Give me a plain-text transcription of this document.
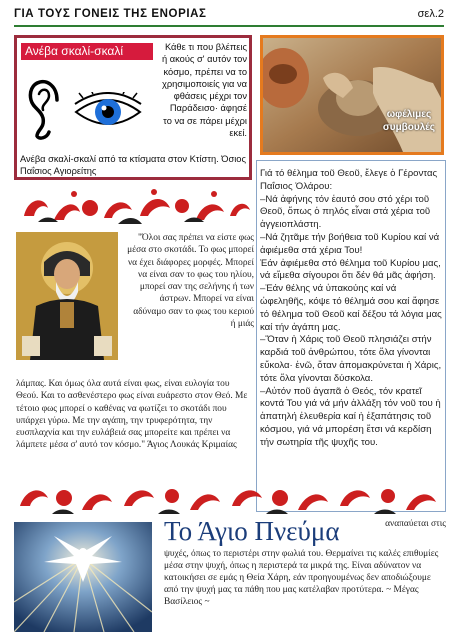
ΓΙΑ ΤΟΥΣ ΓΟΝΕΙΣ ΤΗΣ ΕΝΟΡΙΑΣ	σελ.2
Ανέβα σκαλί-σκαλί	Κάθε τι που βλέπεις ή ακούς σ' αυτόν τον κόσμο, πρέπει να το χρησιμοποιείς για να φθάσεις μέχρι τον Παράδεισο· άφησέ το να σε πάρει μέχρι εκεί.
Ανέβα σκαλί-σκαλί από τα κτίσματα στον Κτίστη. Όσιος Παΐσιος Αγιορείτης
ωφέλιμες
συμβουλές

Γιά τό θέλημα τοῦ Θεοῦ, ἔλεγε ὁ Γέροντας Παΐσιος Ὀλάρου:

–Νά ἀφήνης τόν ἑαυτό σου στό χέρι τοῦ Θεοῦ, ὅπως ὁ πηλός εἶναι στά χέρια τοῦ ἀγγειοπλάστη.

–Νά ζητᾶμε τήν βοήθεια τοῦ Κυρίου καί νά ἀφιέμεθα στά χέρια Του!

Ἐάν ἀφιέμεθα στό θέλημα τοῦ Κυρίου μας, νά εἴμεθα σίγουροι ὅτι δέν θά μᾶς ἀφήση.

–Ἐάν θέλης νά ὑπακούης καί νά ὠφεληθῆς, κόψε τό θέλημά σου καί ἄφησε τό θέλημα τοῦ Θεοῦ καί δέξου τά λόγια μας καί τήν ἀγάπη μας.

–Ὅταν ἡ Χάρις τοῦ Θεοῦ πλησιάζει στήν καρδιά τοῦ ἀνθρώπου, τότε ὅλα γίνονται εὔκολα· ἐνῶ, ὅταν ἀπομακρύνεται ἡ Χάρις, τότε ὅλα γίνονται δύσκολα.

–Αὐτόν ποῦ ἀγαπᾶ ὁ Θεός, τόν κρατεῖ κοντά Του γιά νά μήν ἀλλάξη τόν νοῦ του ἡ ἀπατηλή ἐλευθερία καί ἡ ἐξαπάτησις τοῦ κόσμου, γιά νά μπορέση ἔτσι νά κερδίση τήν σωτηρία τῆς ψυχῆς του.

"Όλοι σας πρέπει να είστε φως μέσα στο σκοτάδι. Το φως μπορεί να έχει διάφορες μορφές. Μπορεί να είναι σαν το φως του ηλίου, μπορεί σαν της σελήνης ή των άστρων. Μπορεί να είναι αδύναμο σαν το φως του κεριού ή μιάς
λάμπας. Και όμως όλα αυτά είναι φως, είναι ευλογία του Θεού. Και το ασθενέστερο φως είναι ευάρεστο στον Θεό. Με τέτοιο φως μπορεί ο καθένας να φωτίζει το σκοτάδι που υπάρχει γύρω. Με την αγάπη, την τρυφερότητα, την ευσπλαχνία και την ευλάβειά σας μπορείτε και πρέπει να λάμπετε μέσα σ' αυτό τον κόσμο." Άγιος Λουκάς Κριμαίας
Το Άγιο Πνεύμα	αναπαύεται στις
ψυχές, όπως το περιστέρι στην φωλιά του. Θερμαίνει τις καλές επιθυμίες μέσα στην ψυχή, όπως η περιστερά τα μικρά της. Είναι αδύνατον να κατοικήσει σε εμάς η Θεία Χάρη, εάν προηγουμένως δεν αποδιώξουμε από την ψυχή μας τα πάθη που μας κατέλαβαν προτύτερα. ~ Μέγας Βασίλειος ~
